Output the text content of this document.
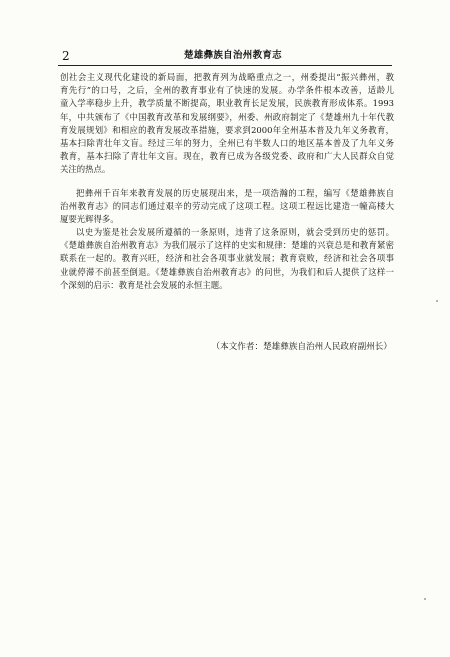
2	楚雄彝族自治州教育志
创社会主义现代化建设的新局面，把教育列为战略重点之一，州委提出“振兴彝州，教
育先行”的口号，之后，全州的教育事业有了快速的发展。办学条件根本改善，适龄儿
童入学率稳步上升，教学质量不断提高，职业教育长足发展，民族教育形成体系。1993
年，中共颁布了《中国教育改革和发展纲要》，州委、州政府制定了《楚雄州九十年代教
育发展规划》和相应的教育发展改革措施，要求到2000年全州基本普及九年义务教育，
基本扫除青壮年文盲。经过三年的努力，全州已有半数人口的地区基本普及了九年义务
教育，基本扫除了青壮年文盲。现在，教育已成为各级党委、政府和广大人民群众自觉
关注的热点。
把彝州千百年来教育发展的历史展现出来，是一项浩瀚的工程，编写《楚雄彝族自
治州教育志》的同志们通过艰辛的劳动完成了这项工程。这项工程远比建造一幢高楼大
厦要光辉得多。
以史为鉴是社会发展所遵循的一条原则，违背了这条原则，就会受到历史的惩罚。
《楚雄彝族自治州教育志》为我们展示了这样的史实和规律：楚雄的兴衰总是和教育紧密
联系在一起的。教育兴旺，经济和社会各项事业就发展；教育衰败，经济和社会各项事
业就停滞不前甚至倒退。《楚雄彝族自治州教育志》的问世，为我们和后人提供了这样一
个深刻的启示：教育是社会发展的永恒主题。
（本文作者：楚雄彝族自治州人民政府副州长）
